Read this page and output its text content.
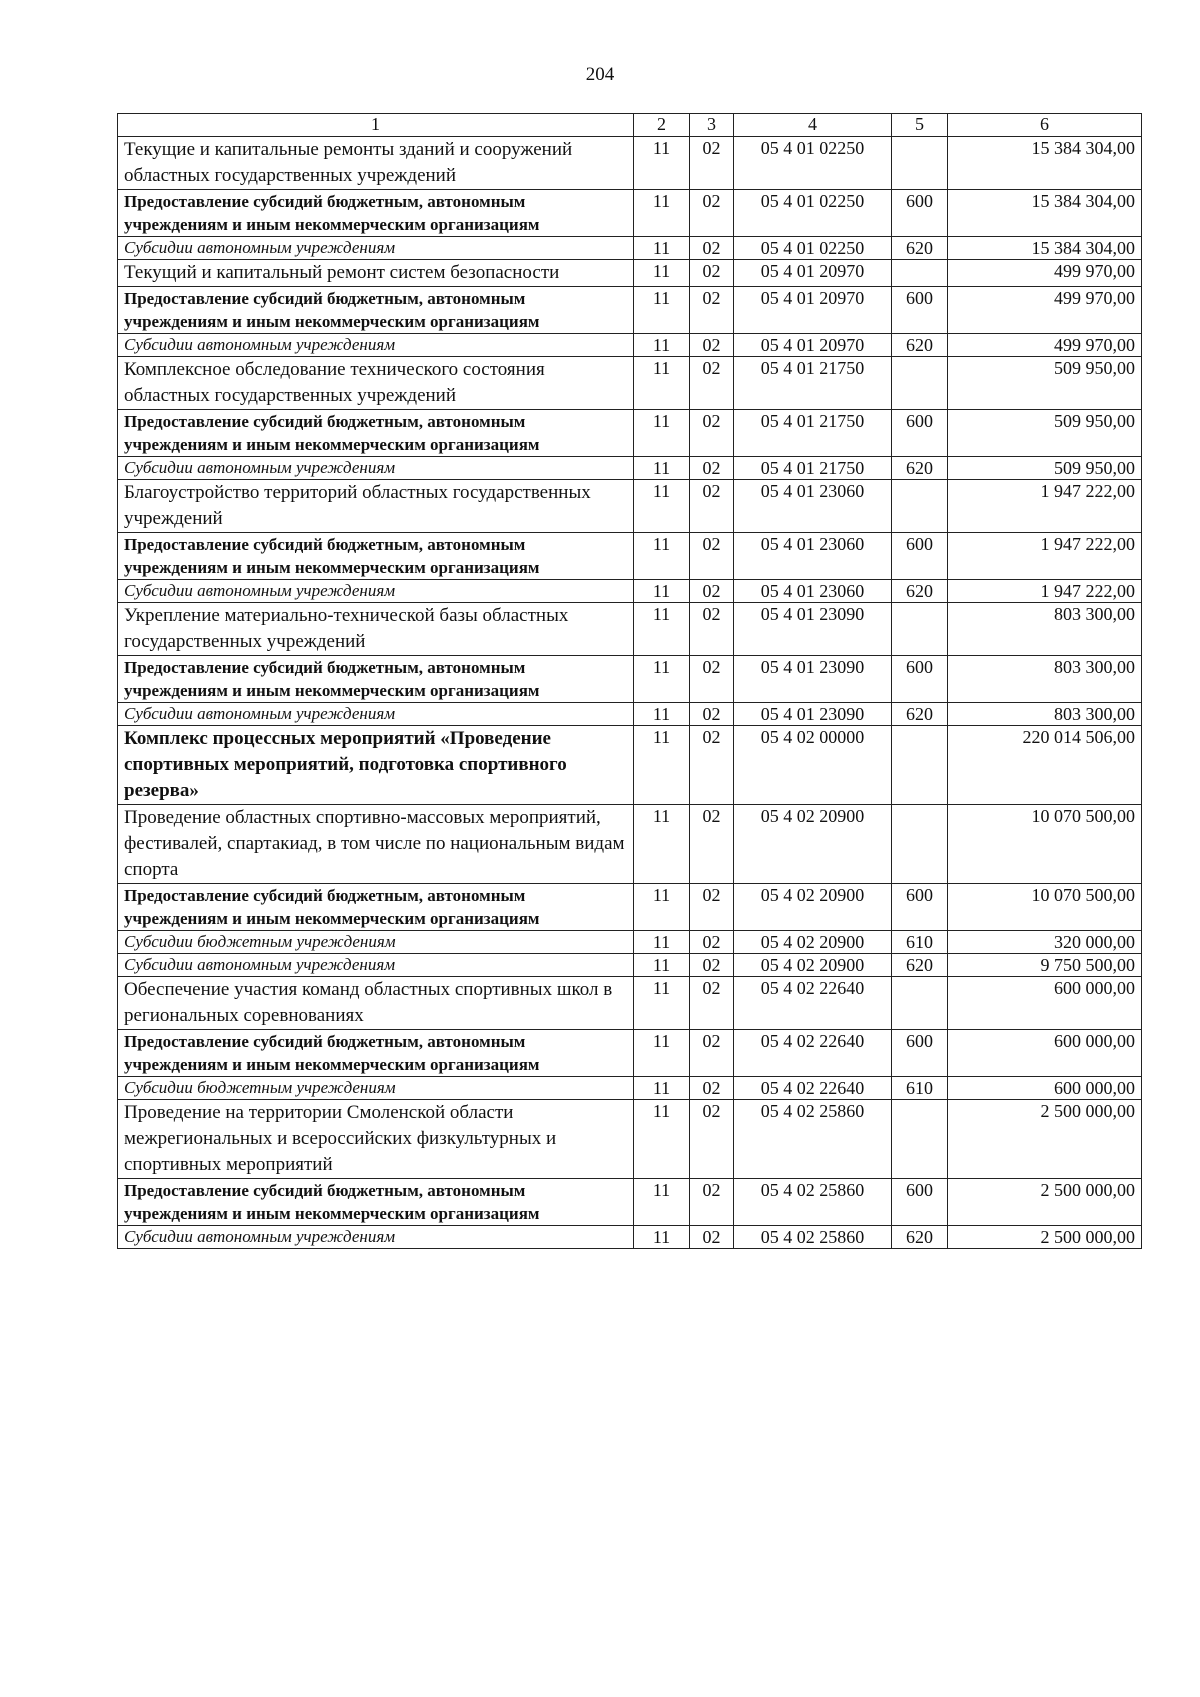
204
1	2	3	4	5	6
Текущие и капитальные ремонты зданий и сооружений областных государственных учреждений	11	02	05 4 01 02250		15 384 304,00
Предоставление субсидий бюджетным, автономным учреждениям и иным некоммерческим организациям	11	02	05 4 01 02250	600	15 384 304,00
Субсидии автономным учреждениям	11	02	05 4 01 02250	620	15 384 304,00
Текущий и капитальный ремонт систем безопасности	11	02	05 4 01 20970		499 970,00
Предоставление субсидий бюджетным, автономным учреждениям и иным некоммерческим организациям	11	02	05 4 01 20970	600	499 970,00
Субсидии автономным учреждениям	11	02	05 4 01 20970	620	499 970,00
Комплексное обследование технического состояния областных государственных учреждений	11	02	05 4 01 21750		509 950,00
Предоставление субсидий бюджетным, автономным учреждениям и иным некоммерческим организациям	11	02	05 4 01 21750	600	509 950,00
Субсидии автономным учреждениям	11	02	05 4 01 21750	620	509 950,00
Благоустройство территорий областных государственных учреждений	11	02	05 4 01 23060		1 947 222,00
Предоставление субсидий бюджетным, автономным учреждениям и иным некоммерческим организациям	11	02	05 4 01 23060	600	1 947 222,00
Субсидии автономным учреждениям	11	02	05 4 01 23060	620	1 947 222,00
Укрепление материально-технической базы областных государственных учреждений	11	02	05 4 01 23090		803 300,00
Предоставление субсидий бюджетным, автономным учреждениям и иным некоммерческим организациям	11	02	05 4 01 23090	600	803 300,00
Субсидии автономным учреждениям	11	02	05 4 01 23090	620	803 300,00
Комплекс процессных мероприятий «Проведение спортивных мероприятий, подготовка спортивного резерва»	11	02	05 4 02 00000		220 014 506,00
Проведение областных спортивно-массовых мероприятий, фестивалей, спартакиад, в том числе по национальным видам спорта	11	02	05 4 02 20900		10 070 500,00
Предоставление субсидий бюджетным, автономным учреждениям и иным некоммерческим организациям	11	02	05 4 02 20900	600	10 070 500,00
Субсидии бюджетным учреждениям	11	02	05 4 02 20900	610	320 000,00
Субсидии автономным учреждениям	11	02	05 4 02 20900	620	9 750 500,00
Обеспечение участия команд областных спортивных школ в региональных соревнованиях	11	02	05 4 02 22640		600 000,00
Предоставление субсидий бюджетным, автономным учреждениям и иным некоммерческим организациям	11	02	05 4 02 22640	600	600 000,00
Субсидии бюджетным учреждениям	11	02	05 4 02 22640	610	600 000,00
Проведение на территории Смоленской области межрегиональных и всероссийских физкультурных и спортивных мероприятий	11	02	05 4 02 25860		2 500 000,00
Предоставление субсидий бюджетным, автономным учреждениям и иным некоммерческим организациям	11	02	05 4 02 25860	600	2 500 000,00
Субсидии автономным учреждениям	11	02	05 4 02 25860	620	2 500 000,00
